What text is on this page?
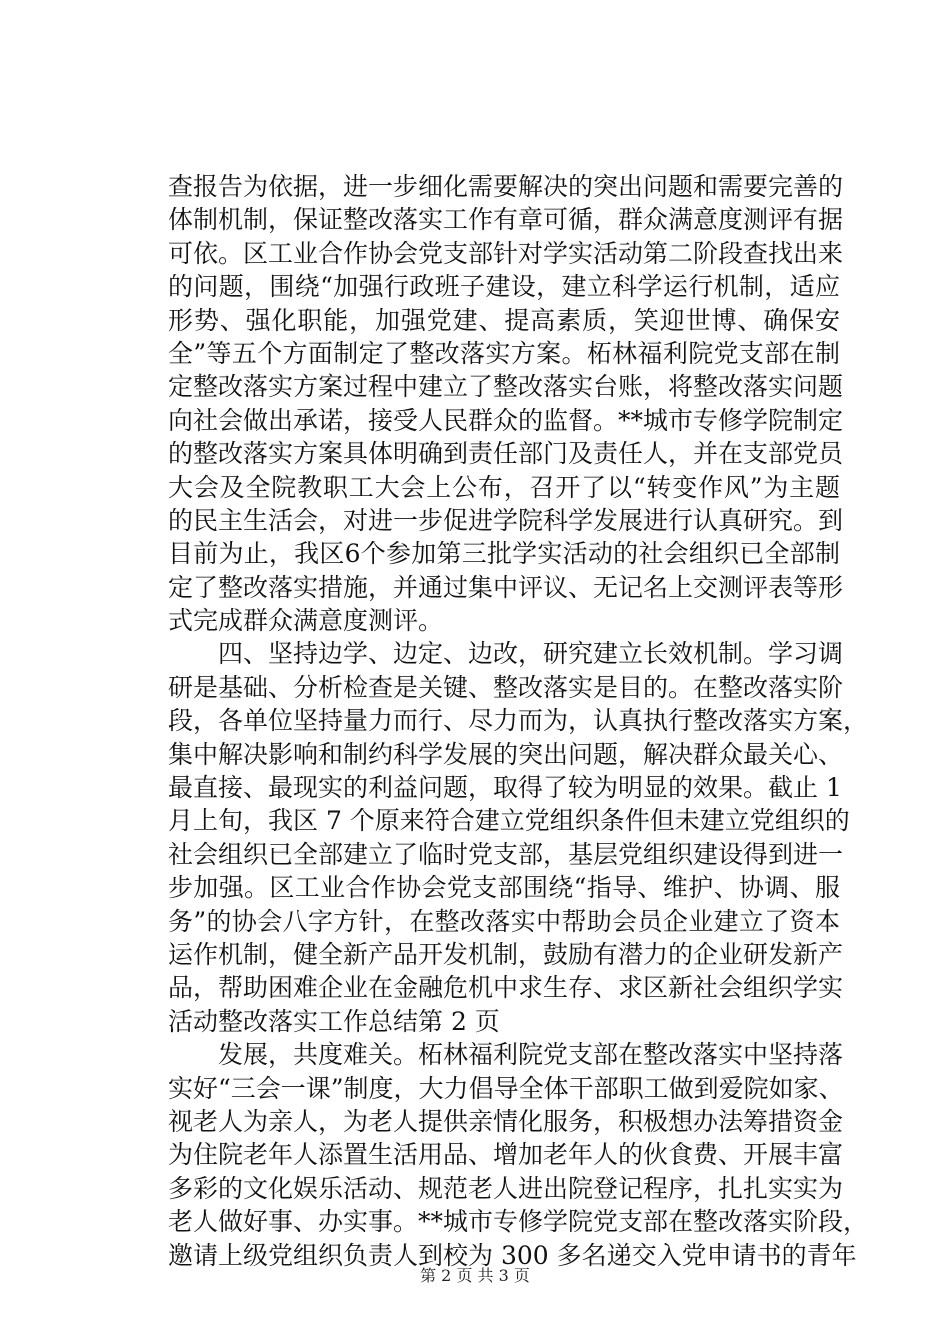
查报告为依据，进一步细化需要解决的突出问题和需要完善的
体制机制，保证整改落实工作有章可循，群众满意度测评有据
可依。区工业合作协会党支部针对学实活动第二阶段查找出来
的问题，围绕“加强行政班子建设，建立科学运行机制，适应
形势、强化职能，加强党建、提高素质，笑迎世博、确保安
全”等五个方面制定了整改落实方案。柘林福利院党支部在制
定整改落实方案过程中建立了整改落实台账，将整改落实问题
向社会做出承诺，接受人民群众的监督。**城市专修学院制定
的整改落实方案具体明确到责任部门及责任人，并在支部党员
大会及全院教职工大会上公布，召开了以“转变作风”为主题
的民主生活会，对进一步促进学院科学发展进行认真研究。到
目前为止，我区6个参加第三批学实活动的社会组织已全部制
定了整改落实措施，并通过集中评议、无记名上交测评表等形
式完成群众满意度测评。
　　四、坚持边学、边定、边改，研究建立长效机制。学习调
研是基础、分析检查是关键、整改落实是目的。在整改落实阶
段，各单位坚持量力而行、尽力而为，认真执行整改落实方案，
集中解决影响和制约科学发展的突出问题，解决群众最关心、
最直接、最现实的利益问题，取得了较为明显的效果。截止 1
月上旬，我区 7 个原来符合建立党组织条件但未建立党组织的
社会组织已全部建立了临时党支部，基层党组织建设得到进一
步加强。区工业合作协会党支部围绕“指导、维护、协调、服
务”的协会八字方针，在整改落实中帮助会员企业建立了资本
运作机制，健全新产品开发机制，鼓励有潜力的企业研发新产
品，帮助困难企业在金融危机中求生存、求区新社会组织学实
活动整改落实工作总结第 2 页
　　发展，共度难关。柘林福利院党支部在整改落实中坚持落
实好“三会一课”制度，大力倡导全体干部职工做到爱院如家、
视老人为亲人，为老人提供亲情化服务，积极想办法筹措资金
为住院老年人添置生活用品、增加老年人的伙食费、开展丰富
多彩的文化娱乐活动、规范老人进出院登记程序，扎扎实实为
老人做好事、办实事。**城市专修学院党支部在整改落实阶段，
邀请上级党组织负责人到校为 300 多名递交入党申请书的青年
第 2 页 共 3 页
